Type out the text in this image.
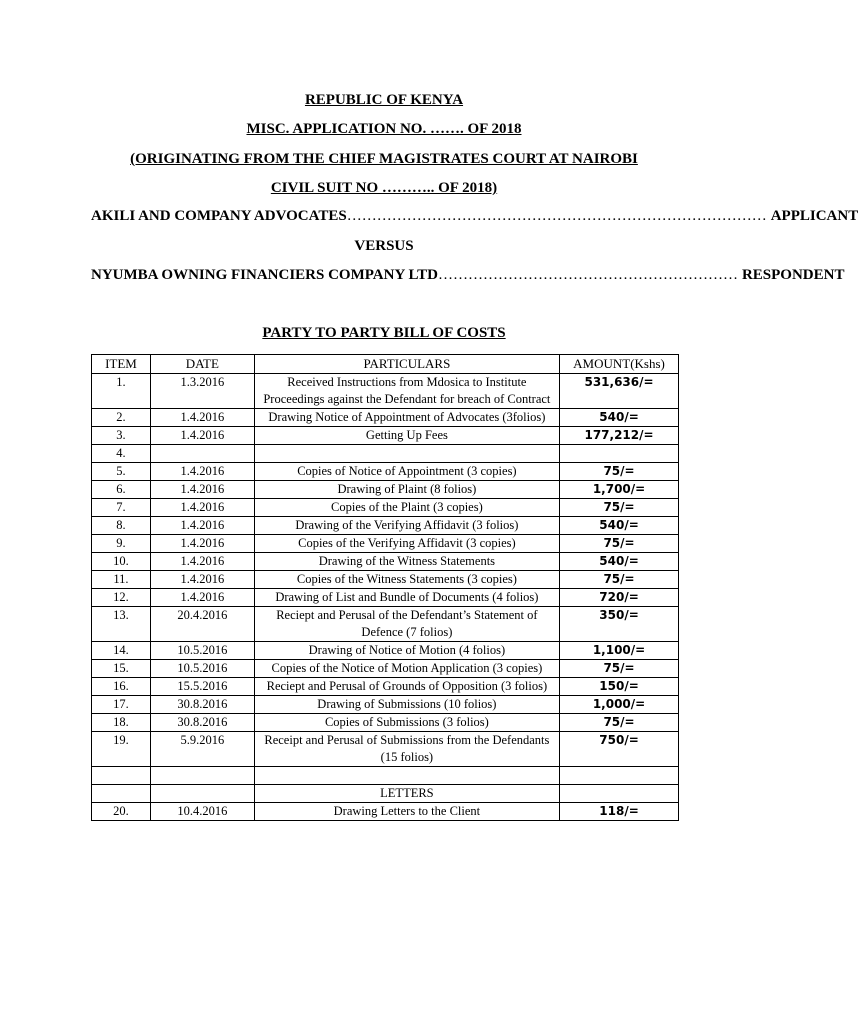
REPUBLIC OF KENYA
MISC. APPLICATION NO. ……. OF 2018
(ORIGINATING FROM THE CHIEF MAGISTRATES COURT AT NAIROBI
CIVIL SUIT NO ……….. OF 2018)
AKILI AND COMPANY ADVOCATES ………………………………………………………………………… APPLICANT
VERSUS
NYUMBA OWNING FINANCIERS COMPANY LTD …………………………………………………… RESPONDENT
PARTY TO PARTY BILL OF COSTS
ITEM	DATE	PARTICULARS	AMOUNT(Kshs)
1.	1.3.2016	Received Instructions from Mdosica to Institute Proceedings against the Defendant for breach of Contract	531,636/=
2.	1.4.2016	Drawing Notice of Appointment of Advocates (3folios)	540/=
3.	1.4.2016	Getting Up Fees	177,212/=
4.			
5.	1.4.2016	Copies of Notice of Appointment (3 copies)	75/=
6.	1.4.2016	Drawing of Plaint (8 folios)	1,700/=
7.	1.4.2016	Copies of the Plaint (3 copies)	75/=
8.	1.4.2016	Drawing of the Verifying Affidavit (3 folios)	540/=
9.	1.4.2016	Copies of the Verifying Affidavit (3 copies)	75/=
10.	1.4.2016	Drawing of the Witness Statements	540/=
11.	1.4.2016	Copies of the Witness Statements (3 copies)	75/=
12.	1.4.2016	Drawing of List and Bundle of Documents (4 folios)	720/=
13.	20.4.2016	Reciept and Perusal of the Defendant’s Statement of Defence (7 folios)	350/=
14.	10.5.2016	Drawing of Notice of Motion (4 folios)	1,100/=
15.	10.5.2016	Copies of the Notice of Motion Application (3 copies)	75/=
16.	15.5.2016	Reciept and Perusal of Grounds of Opposition (3 folios)	150/=
17.	30.8.2016	Drawing of Submissions (10 folios)	1,000/=
18.	30.8.2016	Copies of Submissions (3 folios)	75/=
19.	5.9.2016	Receipt and Perusal of Submissions from the Defendants (15 folios)	750/=

		LETTERS	
20.	10.4.2016	Drawing Letters to the Client	118/=
